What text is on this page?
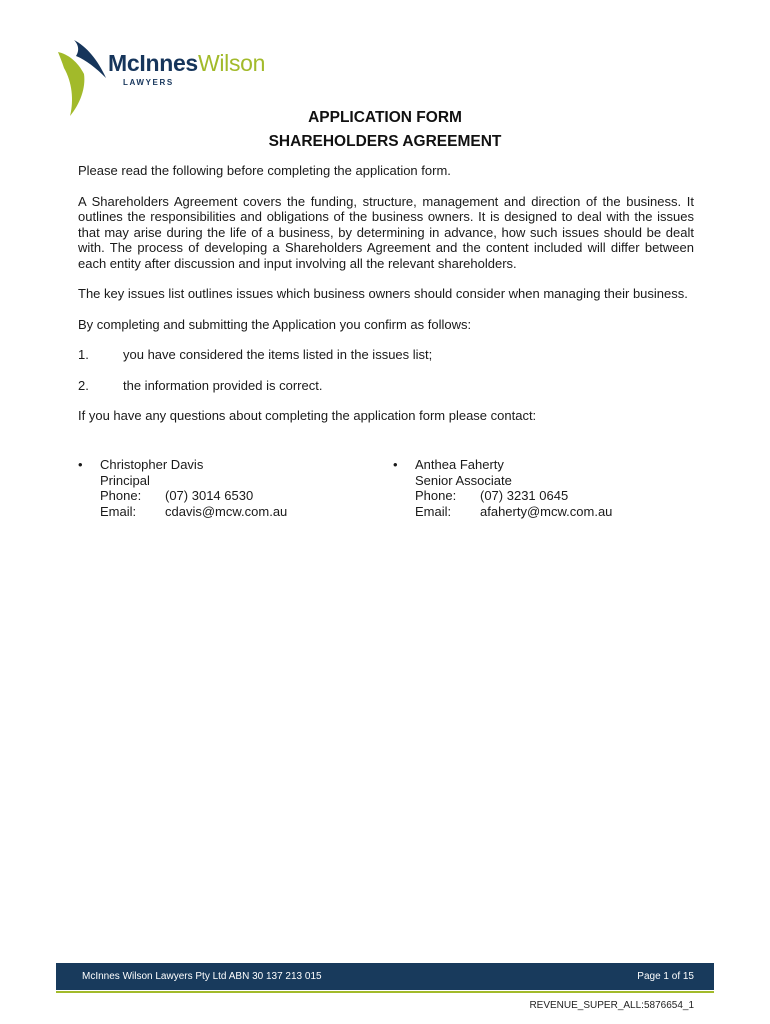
McInnesWilson
LAWYERS
APPLICATION FORM
SHAREHOLDERS AGREEMENT

Please read the following before completing the application form.

A Shareholders Agreement covers the funding, structure, management and direction of the business. It outlines the responsibilities and obligations of the business owners. It is designed to deal with the issues that may arise during the life of a business, by determining in advance, how such issues should be dealt with. The process of developing a Shareholders Agreement and the content included will differ between each entity after discussion and input involving all the relevant shareholders.

The key issues list outlines issues which business owners should consider when managing their business.

By completing and submitting the Application you confirm as follows:

1.	you have considered the items listed in the issues list;
2.	the information provided is correct.

If you have any questions about completing the application form please contact:

• Christopher Davis
Principal
Phone:	(07) 3014 6530
Email:	cdavis@mcw.com.au
• Anthea Faherty
Senior Associate
Phone:	(07) 3231 0645
Email:	afaherty@mcw.com.au
McInnes Wilson Lawyers Pty Ltd ABN 30 137 213 015	Page 1 of 15
REVENUE_SUPER_ALL:5876654_1
